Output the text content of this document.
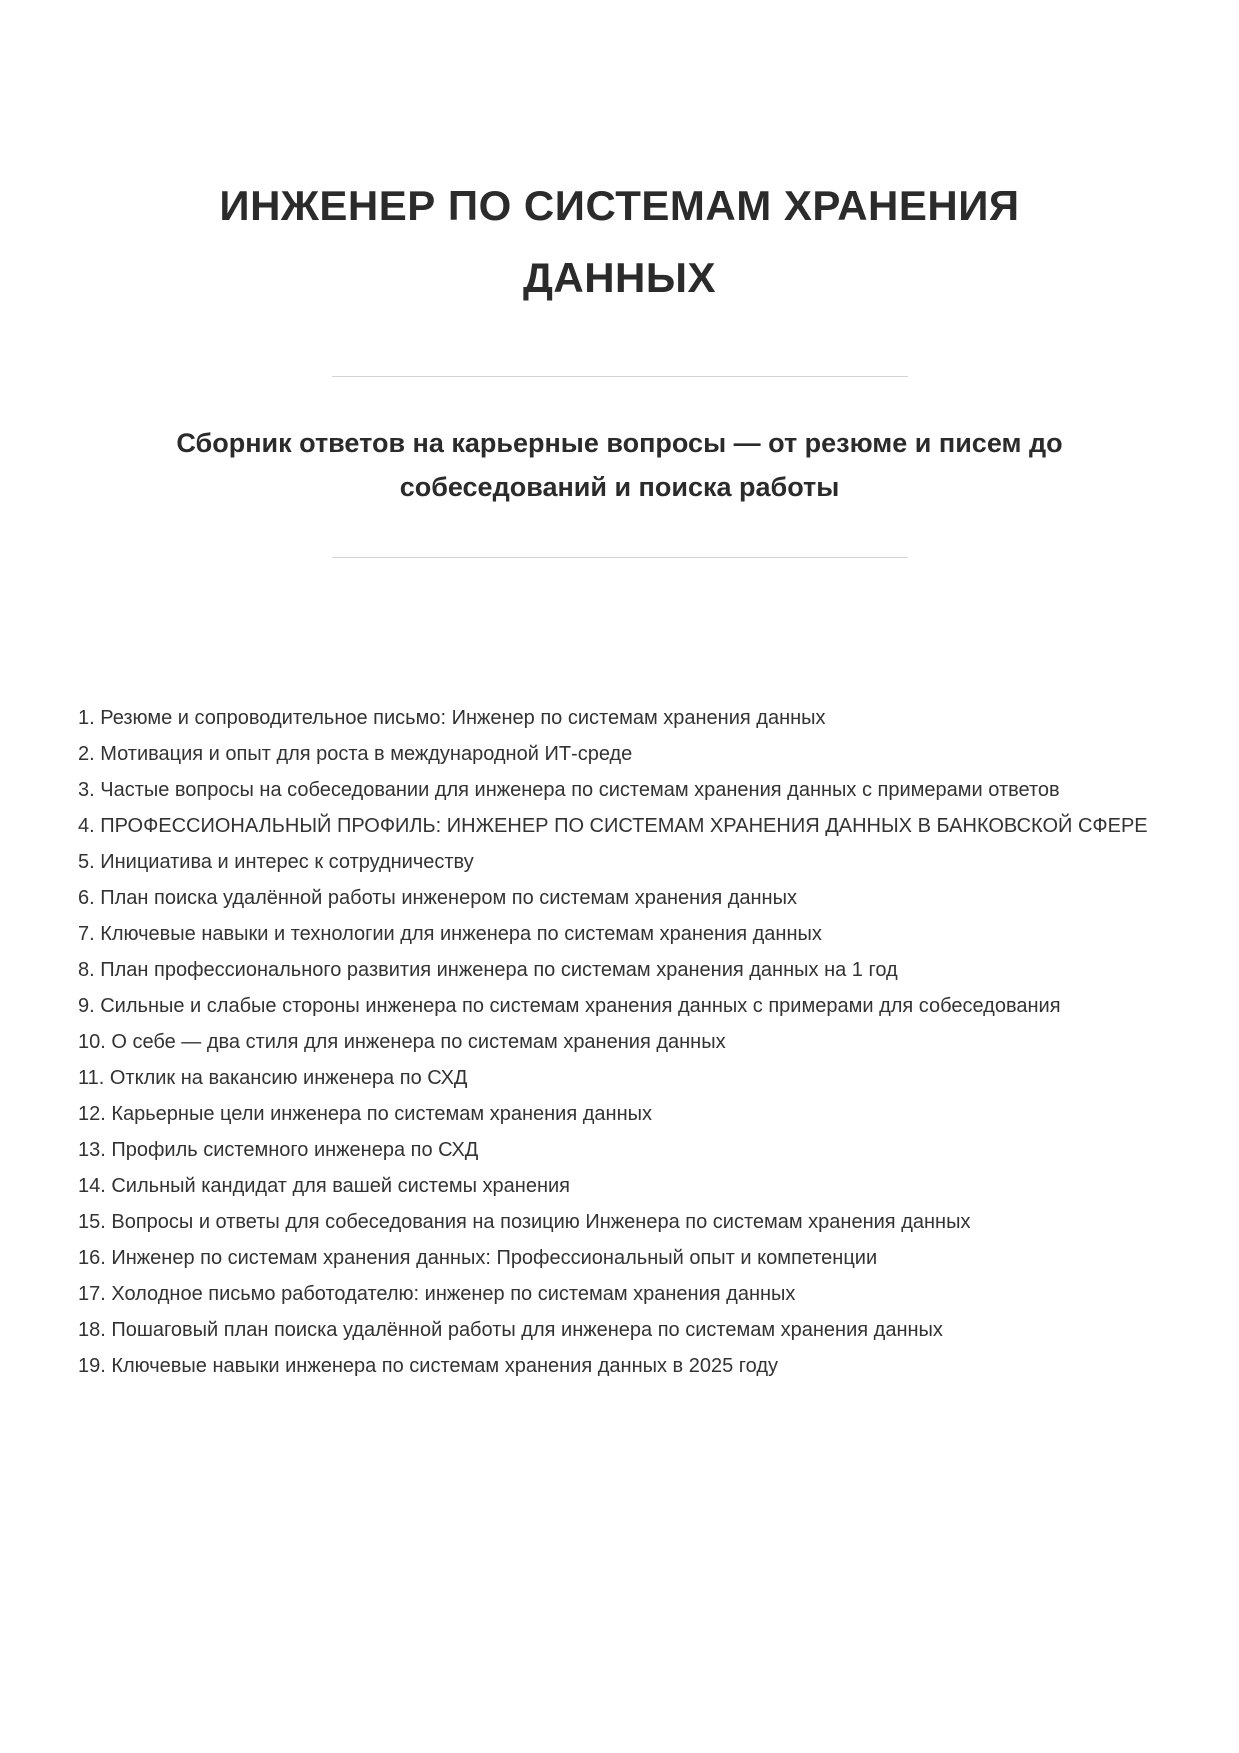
ИНЖЕНЕР ПО СИСТЕМАМ ХРАНЕНИЯ ДАННЫХ
Сборник ответов на карьерные вопросы — от резюме и писем до собеседований и поиска работы
1. Резюме и сопроводительное письмо: Инженер по системам хранения данных
2. Мотивация и опыт для роста в международной ИТ-среде
3. Частые вопросы на собеседовании для инженера по системам хранения данных с примерами ответов
4. ПРОФЕССИОНАЛЬНЫЙ ПРОФИЛЬ: ИНЖЕНЕР ПО СИСТЕМАМ ХРАНЕНИЯ ДАННЫХ В БАНКОВСКОЙ СФЕРЕ
5. Инициатива и интерес к сотрудничеству
6. План поиска удалённой работы инженером по системам хранения данных
7. Ключевые навыки и технологии для инженера по системам хранения данных
8. План профессионального развития инженера по системам хранения данных на 1 год
9. Сильные и слабые стороны инженера по системам хранения данных с примерами для собеседования
10. О себе — два стиля для инженера по системам хранения данных
11. Отклик на вакансию инженера по СХД
12. Карьерные цели инженера по системам хранения данных
13. Профиль системного инженера по СХД
14. Сильный кандидат для вашей системы хранения
15. Вопросы и ответы для собеседования на позицию Инженера по системам хранения данных
16. Инженер по системам хранения данных: Профессиональный опыт и компетенции
17. Холодное письмо работодателю: инженер по системам хранения данных
18. Пошаговый план поиска удалённой работы для инженера по системам хранения данных
19. Ключевые навыки инженера по системам хранения данных в 2025 году
